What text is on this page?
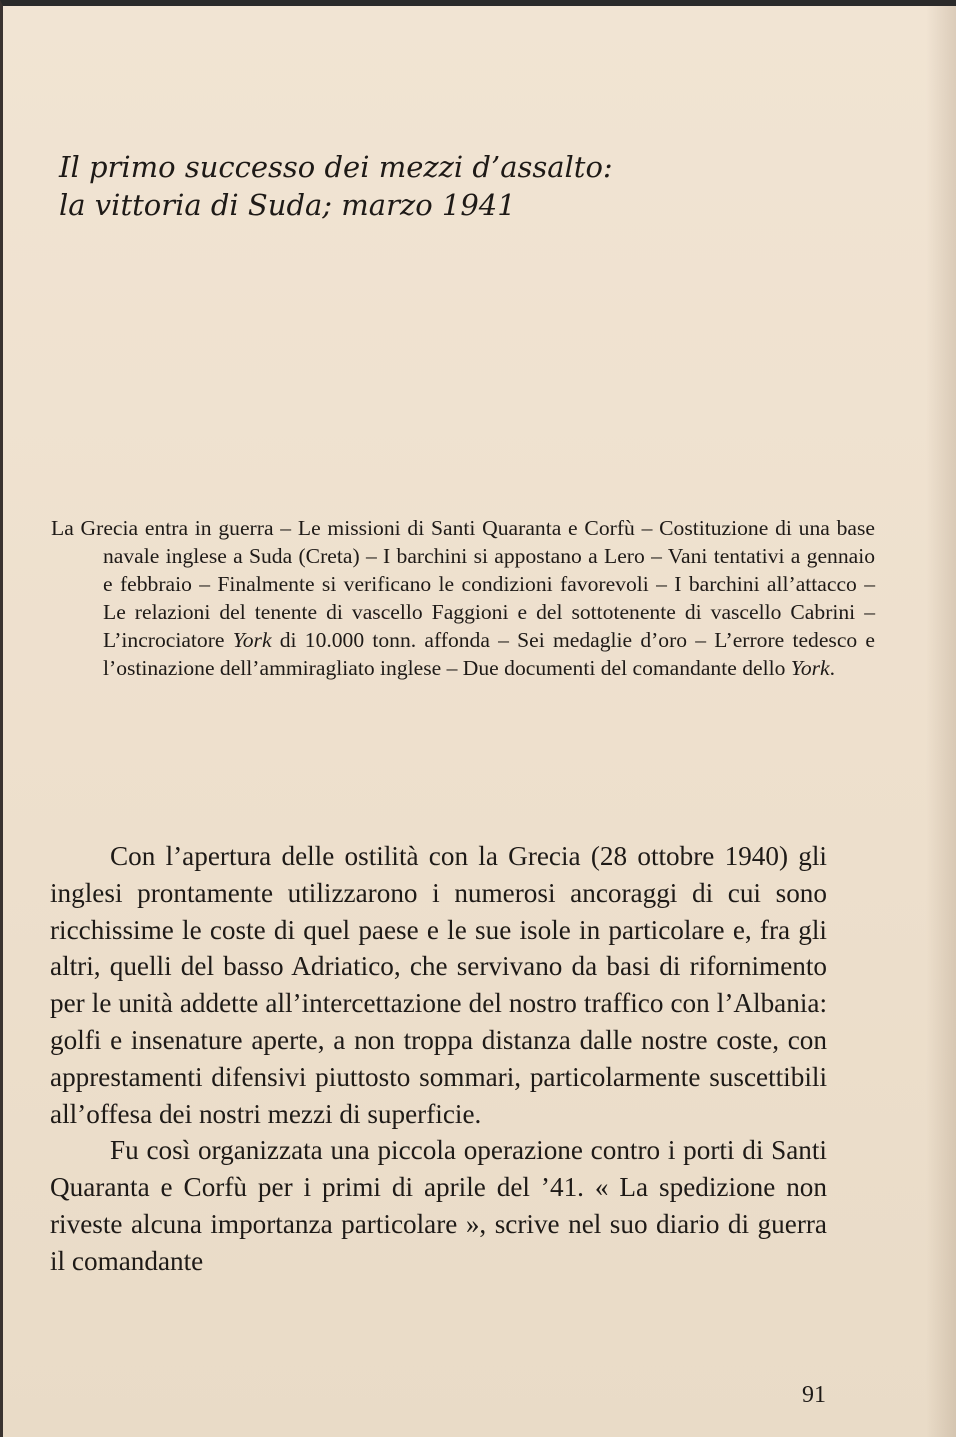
Il primo successo dei mezzi d’assalto:
la vittoria di Suda; marzo 1941

La Grecia entra in guerra – Le missioni di Santi Quaranta e Corfù – Costituzione di una base navale inglese a Suda (Creta) – I barchini si appostano a Lero – Vani tentativi a gennaio e febbraio – Finalmente si verificano le condizioni favorevoli – I barchini all’attacco – Le relazioni del tenente di vascello Faggioni e del sottotenente di vascello Cabrini – L’incrociatore York di 10.000 tonn. affonda – Sei medaglie d’oro – L’errore tedesco e l’ostinazione dell’ammiragliato inglese – Due documenti del comandante dello York.

Con l’apertura delle ostilità con la Grecia (28 ottobre 1940) gli inglesi prontamente utilizzarono i numerosi ancoraggi di cui sono ricchissime le coste di quel paese e le sue isole in particolare e, fra gli altri, quelli del basso Adriatico, che servivano da basi di rifornimento per le unità addette all’intercettazione del nostro traffico con l’Albania: golfi e insenature aperte, a non troppa distanza dalle nostre coste, con apprestamenti difensivi piuttosto sommari, particolarmente suscettibili all’offesa dei nostri mezzi di superficie.

Fu così organizzata una piccola operazione contro i porti di Santi Quaranta e Corfù per i primi di aprile del ’41. « La spedizione non riveste alcuna importanza particolare », scrive nel suo diario di guerra il comandante

91
